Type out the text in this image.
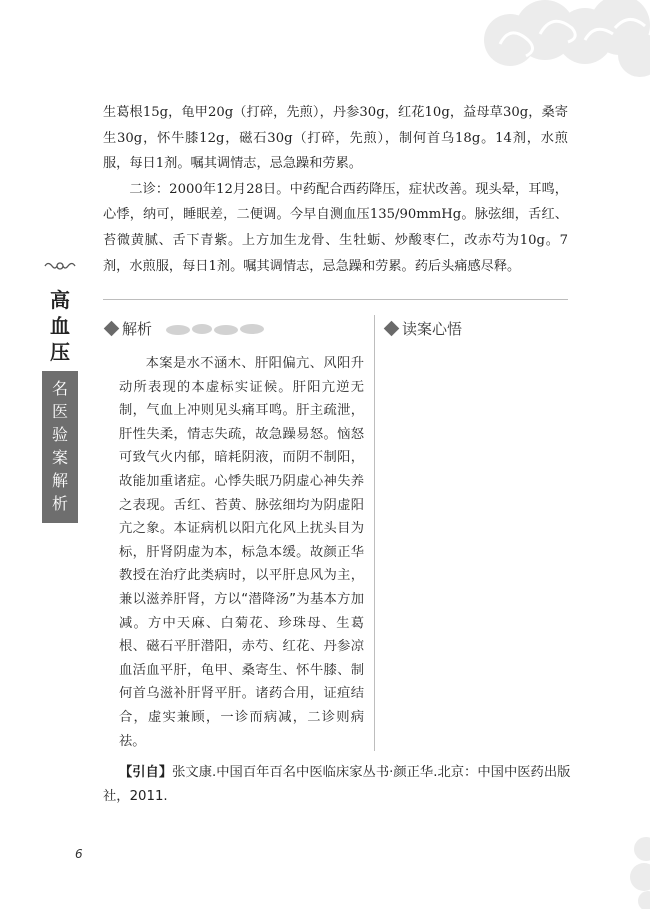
生葛根15g，龟甲20g（打碎，先煎），丹参30g，红花10g，益母草30g，桑寄生30g，怀牛膝12g，磁石30g（打碎，先煎），制何首乌18g。14剂，水煎服，每日1剂。嘱其调情志，忌急躁和劳累。

二诊：2000年12月28日。中药配合西药降压，症状改善。现头晕，耳鸣，心悸，纳可，睡眠差，二便调。今早自测血压135/90mmHg。脉弦细，舌红、苔微黄腻、舌下青紫。上方加生龙骨、生牡蛎、炒酸枣仁，改赤芍为10g。7剂，水煎服，每日1剂。嘱其调情志，忌急躁和劳累。药后头痛感尽释。

高血压
名医验案解析
解析	读案心悟

本案是水不涵木、肝阳偏亢、风阳升动所表现的本虚标实证候。肝阳亢逆无制，气血上冲则见头痛耳鸣。肝主疏泄，肝性失柔，情志失疏，故急躁易怒。恼怒可致气火内郁，暗耗阴液，而阴不制阳，故能加重诸症。心悸失眠乃阴虚心神失养之表现。舌红、苔黄、脉弦细均为阴虚阳亢之象。本证病机以阳亢化风上扰头目为标，肝肾阴虚为本，标急本缓。故颜正华教授在治疗此类病时，以平肝息风为主，兼以滋养肝肾，方以“潜降汤”为基本方加减。方中天麻、白菊花、珍珠母、生葛根、磁石平肝潜阳，赤芍、红花、丹参凉血活血平肝，龟甲、桑寄生、怀牛膝、制何首乌滋补肝肾平肝。诸药合用，证疽结合，虚实兼顾，一诊而病减，二诊则病祛。

【引自】张文康.中国百年百名中医临床家丛书·颜正华.北京：中国中医药出版社，2011.
6
